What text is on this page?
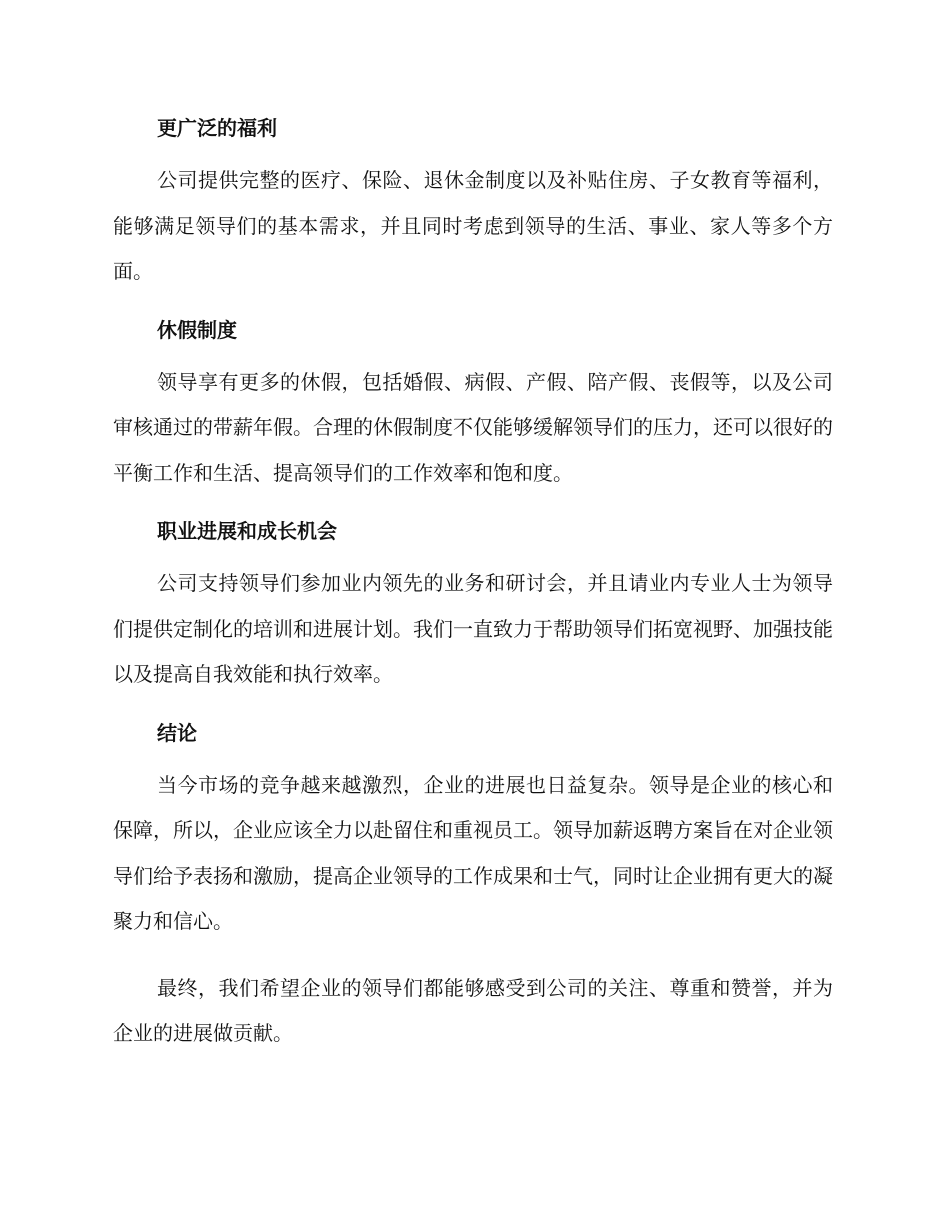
更广泛的福利

公司提供完整的医疗、保险、退休金制度以及补贴住房、子女教育等福利，能够满足领导们的基本需求，并且同时考虑到领导的生活、事业、家人等多个方面。

休假制度

领导享有更多的休假，包括婚假、病假、产假、陪产假、丧假等，以及公司审核通过的带薪年假。合理的休假制度不仅能够缓解领导们的压力，还可以很好的平衡工作和生活、提高领导们的工作效率和饱和度。

职业进展和成长机会

公司支持领导们参加业内领先的业务和研讨会，并且请业内专业人士为领导们提供定制化的培训和进展计划。我们一直致力于帮助领导们拓宽视野、加强技能以及提高自我效能和执行效率。

结论

当今市场的竞争越来越激烈，企业的进展也日益复杂。领导是企业的核心和保障，所以，企业应该全力以赴留住和重视员工。领导加薪返聘方案旨在对企业领导们给予表扬和激励，提高企业领导的工作成果和士气，同时让企业拥有更大的凝聚力和信心。

最终，我们希望企业的领导们都能够感受到公司的关注、尊重和赞誉，并为企业的进展做贡献。
